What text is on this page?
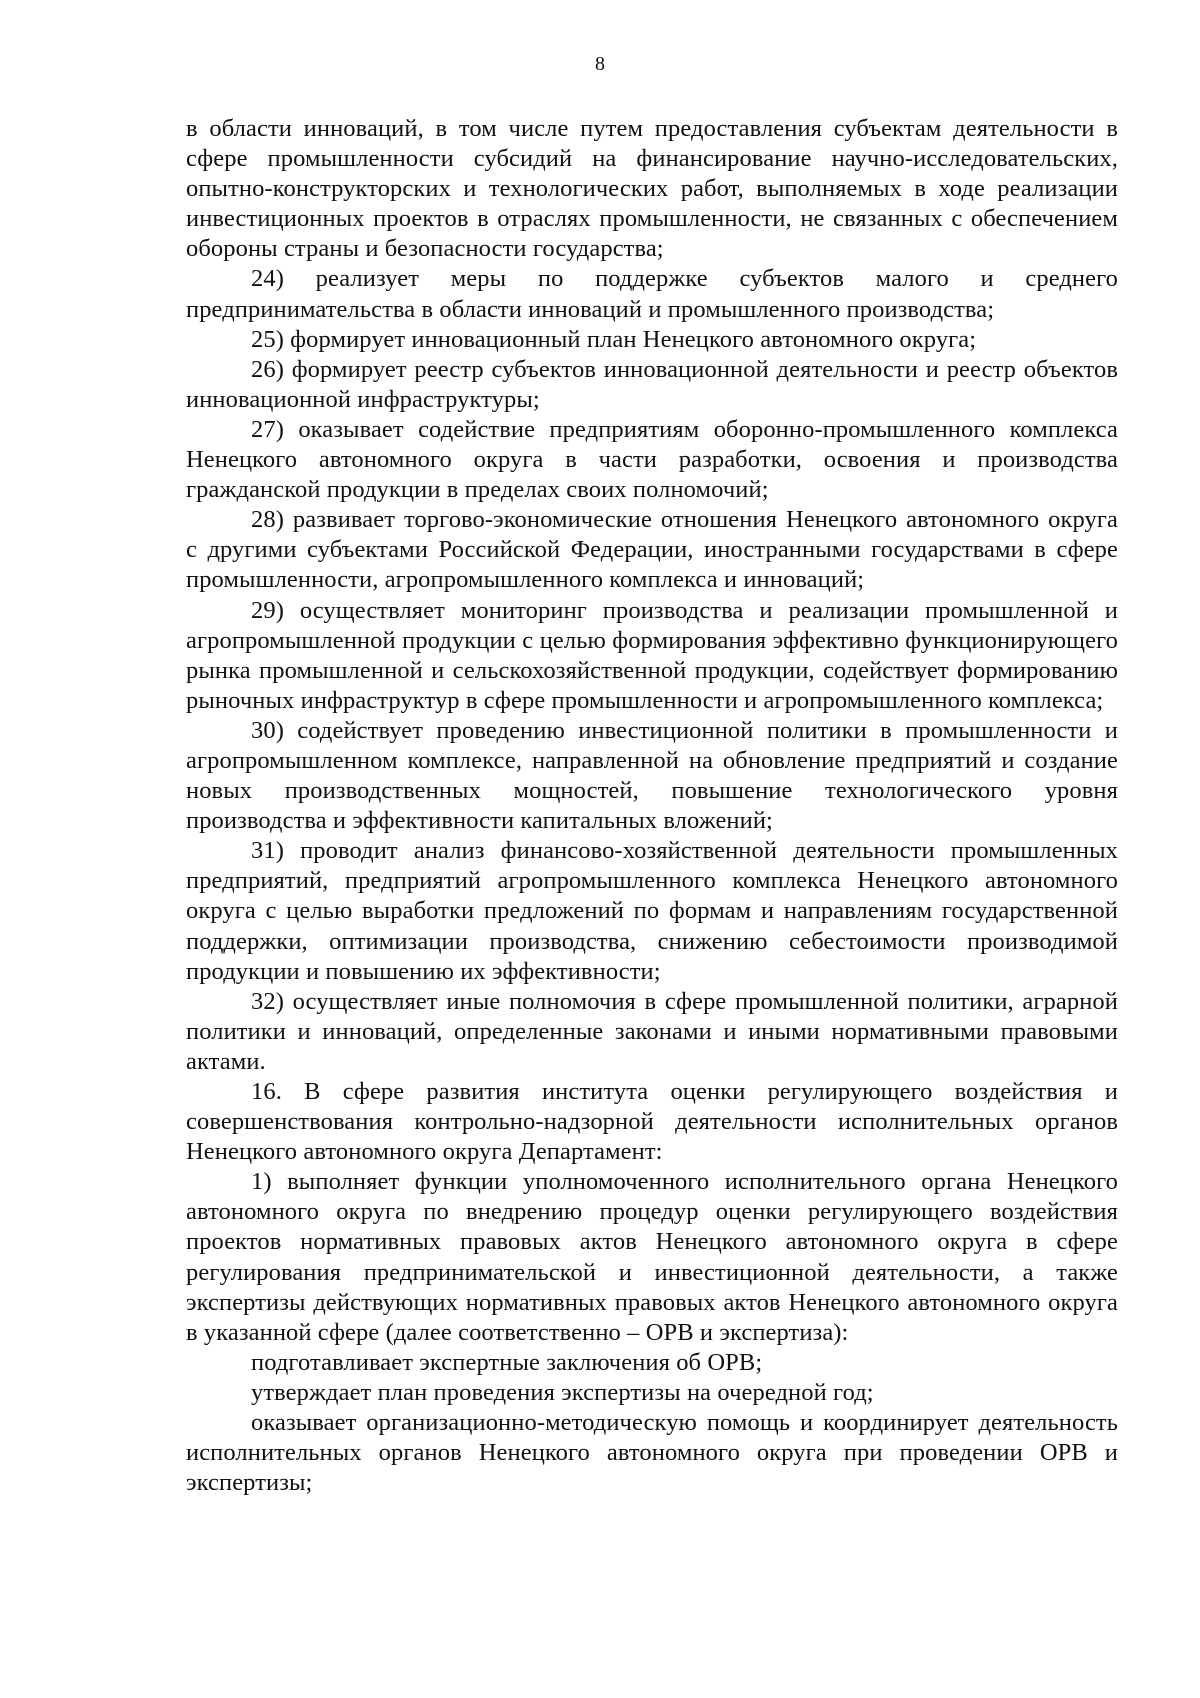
8

в области инноваций, в том числе путем предоставления субъектам деятельности в сфере промышленности субсидий на финансирование научно-исследовательских, опытно-конструкторских и технологических работ, выполняемых в ходе реализации инвестиционных проектов в отраслях промышленности, не связанных с обеспечением обороны страны и безопасности государства;

24) реализует меры по поддержке субъектов малого и среднего предпринимательства в области инноваций и промышленного производства;

25) формирует инновационный план Ненецкого автономного округа;

26) формирует реестр субъектов инновационной деятельности и реестр объектов инновационной инфраструктуры;

27) оказывает содействие предприятиям оборонно-промышленного комплекса Ненецкого автономного округа в части разработки, освоения и производства гражданской продукции в пределах своих полномочий;

28) развивает торгово-экономические отношения Ненецкого автономного округа с другими субъектами Российской Федерации, иностранными государствами в сфере промышленности, агропромышленного комплекса и инноваций;

29) осуществляет мониторинг производства и реализации промышленной и агропромышленной продукции с целью формирования эффективно функционирующего рынка промышленной и сельскохозяйственной продукции, содействует формированию рыночных инфраструктур в сфере промышленности и агропромышленного комплекса;

30) содействует проведению инвестиционной политики в промышленности и агропромышленном комплексе, направленной на обновление предприятий и создание новых производственных мощностей, повышение технологического уровня производства и эффективности капитальных вложений;

31) проводит анализ финансово-хозяйственной деятельности промышленных предприятий, предприятий агропромышленного комплекса Ненецкого автономного округа с целью выработки предложений по формам и направлениям государственной поддержки, оптимизации производства, снижению себестоимости производимой продукции и повышению их эффективности;

32) осуществляет иные полномочия в сфере промышленной политики, аграрной политики и инноваций, определенные законами и иными нормативными правовыми актами.

16. В сфере развития института оценки регулирующего воздействия и совершенствования контрольно-надзорной деятельности исполнительных органов Ненецкого автономного округа Департамент:

1) выполняет функции уполномоченного исполнительного органа Ненецкого автономного округа по внедрению процедур оценки регулирующего воздействия проектов нормативных правовых актов Ненецкого автономного округа в сфере регулирования предпринимательской и инвестиционной деятельности, а также экспертизы действующих нормативных правовых актов Ненецкого автономного округа в указанной сфере (далее соответственно – ОРВ и экспертиза):

подготавливает экспертные заключения об ОРВ;

утверждает план проведения экспертизы на очередной год;

оказывает организационно-методическую помощь и координирует деятельность исполнительных органов Ненецкого автономного округа при проведении ОРВ и экспертизы;
